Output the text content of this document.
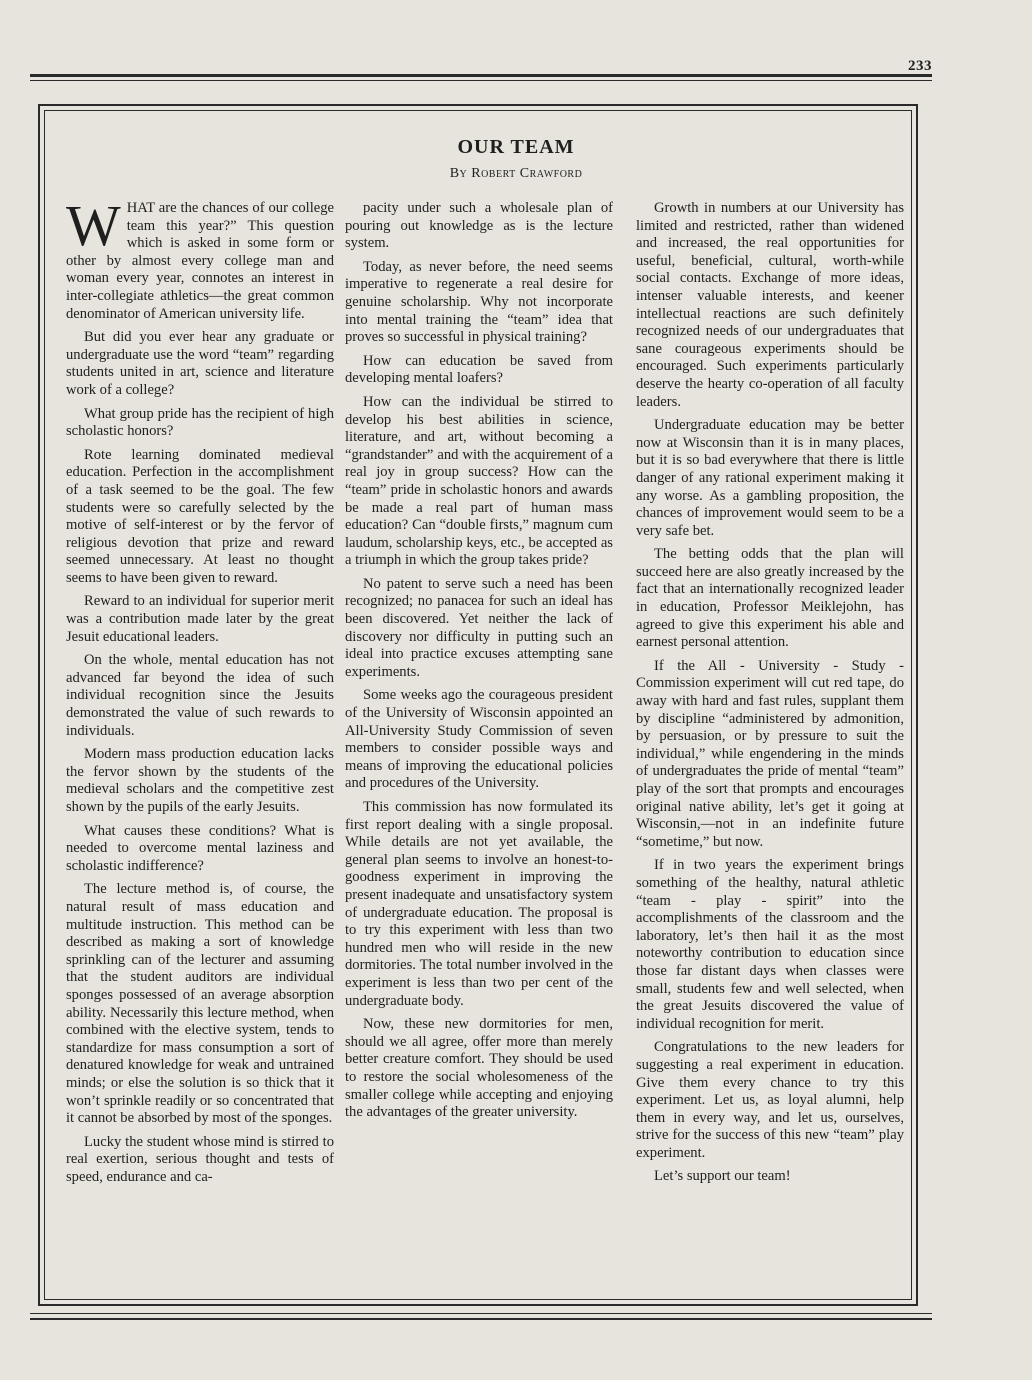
233
OUR TEAM
By Robert Crawford

WHAT are the chances of our college team this year?” This question which is asked in some form or other by almost every college man and woman every year, connotes an interest in inter-collegiate athletics—the great common denominator of American university life.

But did you ever hear any graduate or undergraduate use the word “team” regarding students united in art, science and literature work of a college?

What group pride has the recipient of high scholastic honors?

Rote learning dominated medieval education. Perfection in the accomplishment of a task seemed to be the goal. The few students were so carefully selected by the motive of self-interest or by the fervor of religious devotion that prize and reward seemed unnecessary. At least no thought seems to have been given to reward.

Reward to an individual for superior merit was a contribution made later by the great Jesuit educational leaders.

On the whole, mental education has not advanced far beyond the idea of such individual recognition since the Jesuits demonstrated the value of such rewards to individuals.

Modern mass production education lacks the fervor shown by the students of the medieval scholars and the competitive zest shown by the pupils of the early Jesuits.

What causes these conditions? What is needed to overcome mental laziness and scholastic indifference?

The lecture method is, of course, the natural result of mass education and multitude instruction. This method can be described as making a sort of knowledge sprinkling can of the lecturer and assuming that the student auditors are individual sponges possessed of an average absorption ability. Necessarily this lecture method, when combined with the elective system, tends to standardize for mass consumption a sort of denatured knowledge for weak and untrained minds; or else the solution is so thick that it won’t sprinkle readily or so concentrated that it cannot be absorbed by most of the sponges.

Lucky the student whose mind is stirred to real exertion, serious thought and tests of speed, endurance and ca-

pacity under such a wholesale plan of pouring out knowledge as is the lecture system.

Today, as never before, the need seems imperative to regenerate a real desire for genuine scholarship. Why not incorporate into mental training the “team” idea that proves so successful in physical training?

How can education be saved from developing mental loafers?

How can the individual be stirred to develop his best abilities in science, literature, and art, without becoming a “grandstander” and with the acquirement of a real joy in group success? How can the “team” pride in scholastic honors and awards be made a real part of human mass education? Can “double firsts,” magnum cum laudum, scholarship keys, etc., be accepted as a triumph in which the group takes pride?

No patent to serve such a need has been recognized; no panacea for such an ideal has been discovered. Yet neither the lack of discovery nor difficulty in putting such an ideal into practice excuses attempting sane experiments.

Some weeks ago the courageous president of the University of Wisconsin appointed an All-University Study Commission of seven members to consider possible ways and means of improving the educational policies and procedures of the University.

This commission has now formulated its first report dealing with a single proposal. While details are not yet available, the general plan seems to involve an honest-to-goodness experiment in improving the present inadequate and unsatisfactory system of undergraduate education. The proposal is to try this experiment with less than two hundred men who will reside in the new dormitories. The total number involved in the experiment is less than two per cent of the undergraduate body.

Now, these new dormitories for men, should we all agree, offer more than merely better creature comfort. They should be used to restore the social wholesomeness of the smaller college while accepting and enjoying the advantages of the greater university.

Growth in numbers at our University has limited and restricted, rather than widened and increased, the real opportunities for useful, beneficial, cultural, worth-while social contacts. Exchange of more ideas, intenser valuable interests, and keener intellectual reactions are such definitely recognized needs of our undergraduates that sane courageous experiments should be encouraged. Such experiments particularly deserve the hearty co-operation of all faculty leaders.

Undergraduate education may be better now at Wisconsin than it is in many places, but it is so bad everywhere that there is little danger of any rational experiment making it any worse. As a gambling proposition, the chances of improvement would seem to be a very safe bet.

The betting odds that the plan will succeed here are also greatly increased by the fact that an internationally recognized leader in education, Professor Meiklejohn, has agreed to give this experiment his able and earnest personal attention.

If the All - University - Study - Commission experiment will cut red tape, do away with hard and fast rules, supplant them by discipline “administered by admonition, by persuasion, or by pressure to suit the individual,” while engendering in the minds of undergraduates the pride of mental “team” play of the sort that prompts and encourages original native ability, let’s get it going at Wisconsin,—not in an indefinite future “sometime,” but now.

If in two years the experiment brings something of the healthy, natural athletic “team - play - spirit” into the accomplishments of the classroom and the laboratory, let’s then hail it as the most noteworthy contribution to education since those far distant days when classes were small, students few and well selected, when the great Jesuits discovered the value of individual recognition for merit.

Congratulations to the new leaders for suggesting a real experiment in education. Give them every chance to try this experiment. Let us, as loyal alumni, help them in every way, and let us, ourselves, strive for the success of this new “team” play experiment.

Let’s support our team!
